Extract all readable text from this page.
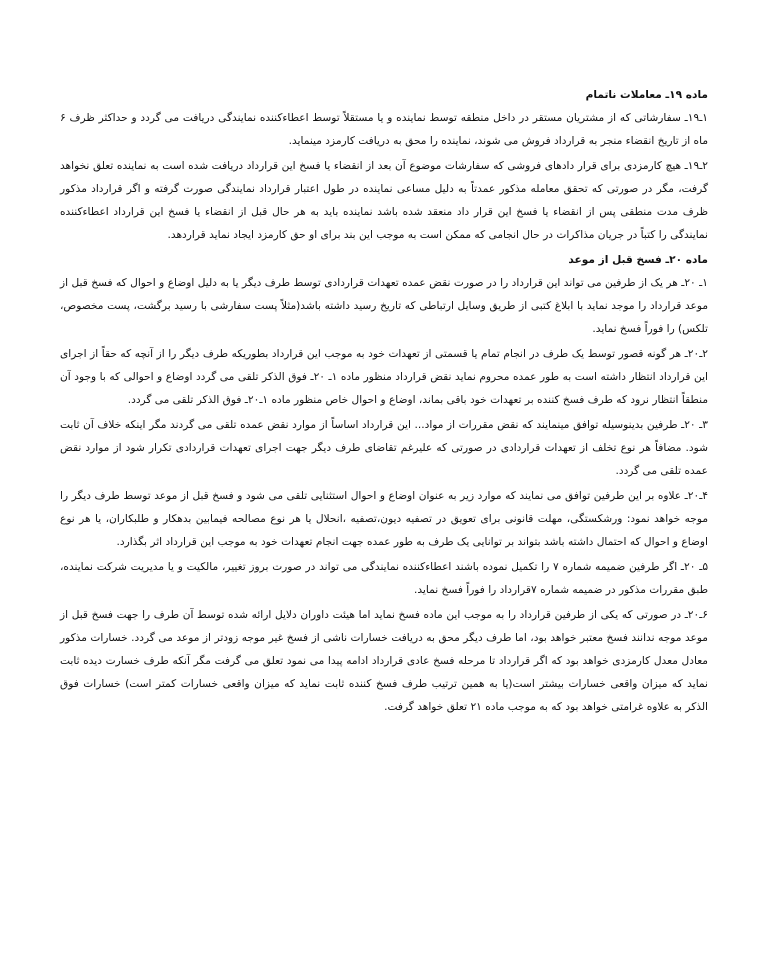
ماده ۱۹ـ معاملات ناتمام

۱ـ۱۹ـ سفارشاتی که از مشتریان مستقر در داخل منطقه توسط نماینده و یا مستقلاً توسط اعطاءکننده نمایندگی دریافت می گردد و حداکثر ظرف ۶ ماه از تاریخ انقضاء منجر به قرارداد فروش می شوند، نماینده را محق به دریافت کارمزد مینماید.

۲ـ۱۹ـ هیچ کارمزدی برای قرار دادهای فروشی که سفارشات موضوع آن بعد از انقضاء یا فسخ این قرارداد دریافت شده است به نماینده تعلق نخواهد گرفت، مگر در صورتی که تحقق معامله مذکور عمدتاً به دلیل مساعی نماینده در طول اعتبار قرارداد نمایندگی صورت گرفته و اگر قرارداد مذکور ظرف مدت منطقی پس از انقضاء یا فسخ این قرار داد منعقد شده باشد نماینده باید به هر حال قبل از انقضاء یا فسخ این قرارداد اعطاءکننده نمایندگی را کتباً در جریان مذاکرات در حال انجامی که ممکن است به موجب این بند برای او حق کارمزد ایجاد نماید قراردهد.

ماده ۲۰ـ فسخ قبل از موعد

۱ـ ۲۰ـ هر یک از طرفین می تواند این قرارداد را در صورت نقض عمده تعهدات قراردادی توسط طرف دیگر یا به دلیل اوضاع و احوال که فسخ قبل از موعد قرارداد را موجد نماید با ابلاغ کتبی از طریق وسایل ارتباطی که تاریخ رسید داشته باشد(مثلاً پست سفارشی با رسید برگشت، پست مخصوص، تلکس) را فوراً فسخ نماید.

۲ـ۲۰ـ هر گونه قصور توسط یک طرف در انجام تمام یا قسمتی از تعهدات خود به موجب این قرارداد بطوریکه طرف دیگر را از آنچه که حقاً از اجرای این قرارداد انتظار داشته است به طور عمده محروم نماید نقض قرارداد منظور ماده ۱ـ ۲۰ـ فوق الذکر تلقی می گردد اوضاع و احوالی که با وجود آن منطقاً انتظار نرود که طرف فسخ کننده بر تعهدات خود باقی بماند، اوضاع و احوال خاص منظور ماده ۱ـ۲۰ـ فوق الذکر تلقی می گردد.

۳ـ ۲۰ـ طرفین بدینوسیله توافق مینمایند که نقض مقررات از مواد... این قرارداد اساساً از موارد نقض عمده تلقی می گردند مگر اینکه خلاف آن ثابت شود. مضافاً هر نوع تخلف از تعهدات قراردادی در صورتی که علیرغم تقاضای طرف دیگر جهت اجرای تعهدات قراردادی تکرار شود از موارد نقض عمده تلقی می گردد.

۴ـ۲۰ـ علاوه بر این طرفین توافق می نمایند که موارد زیر به عنوان اوضاع و احوال استثنایی تلقی می شود و فسخ قبل از موعد توسط طرف دیگر را موجه خواهد نمود: ورشکستگی، مهلت قانونی برای تعویق در تصفیه دیون،تصفیه ،انحلال یا هر نوع مصالحه فیمابین بدهکار و طلبکاران، یا هر نوع اوضاع و احوال که احتمال داشته باشد بتواند بر توانایی یک طرف به طور عمده جهت انجام تعهدات خود به موجب این قرارداد اثر بگذارد.

۵ـ ۲۰ـ اگر طرفین ضمیمه شماره ۷ را تکمیل نموده باشند اعطاءکننده نمایندگی می تواند در صورت بروز تغییر، مالکیت و یا مدیریت شرکت نماینده، طبق مقررات مذکور در ضمیمه شماره ۷قرارداد را فوراً فسخ نماید.

۶ـ۲۰ـ در صورتی که یکی از طرفین قرارداد را به موجب این ماده فسخ نماید اما هیئت داوران دلایل ارائه شده توسط آن طرف را جهت فسخ قبل از موعد موجه ندانند فسخ معتبر خواهد بود، اما طرف دیگر محق به دریافت خسارات ناشی از فسخ غیر موجه زودتر از موعد می گردد. خسارات مذکور معادل معدل کارمزدی خواهد بود که اگر قرارداد تا مرحله فسخ عادی قرارداد ادامه پیدا می نمود تعلق می گرفت مگر آنکه طرف خسارت دیده ثابت نماید که میزان واقعی خسارات بیشتر است(یا به همین ترتیب طرف فسخ کننده ثابت نماید که میزان واقعی خسارات کمتر است) خسارات فوق الذکر به علاوه غرامتی خواهد بود که به موجب ماده ۲۱ تعلق خواهد گرفت.
